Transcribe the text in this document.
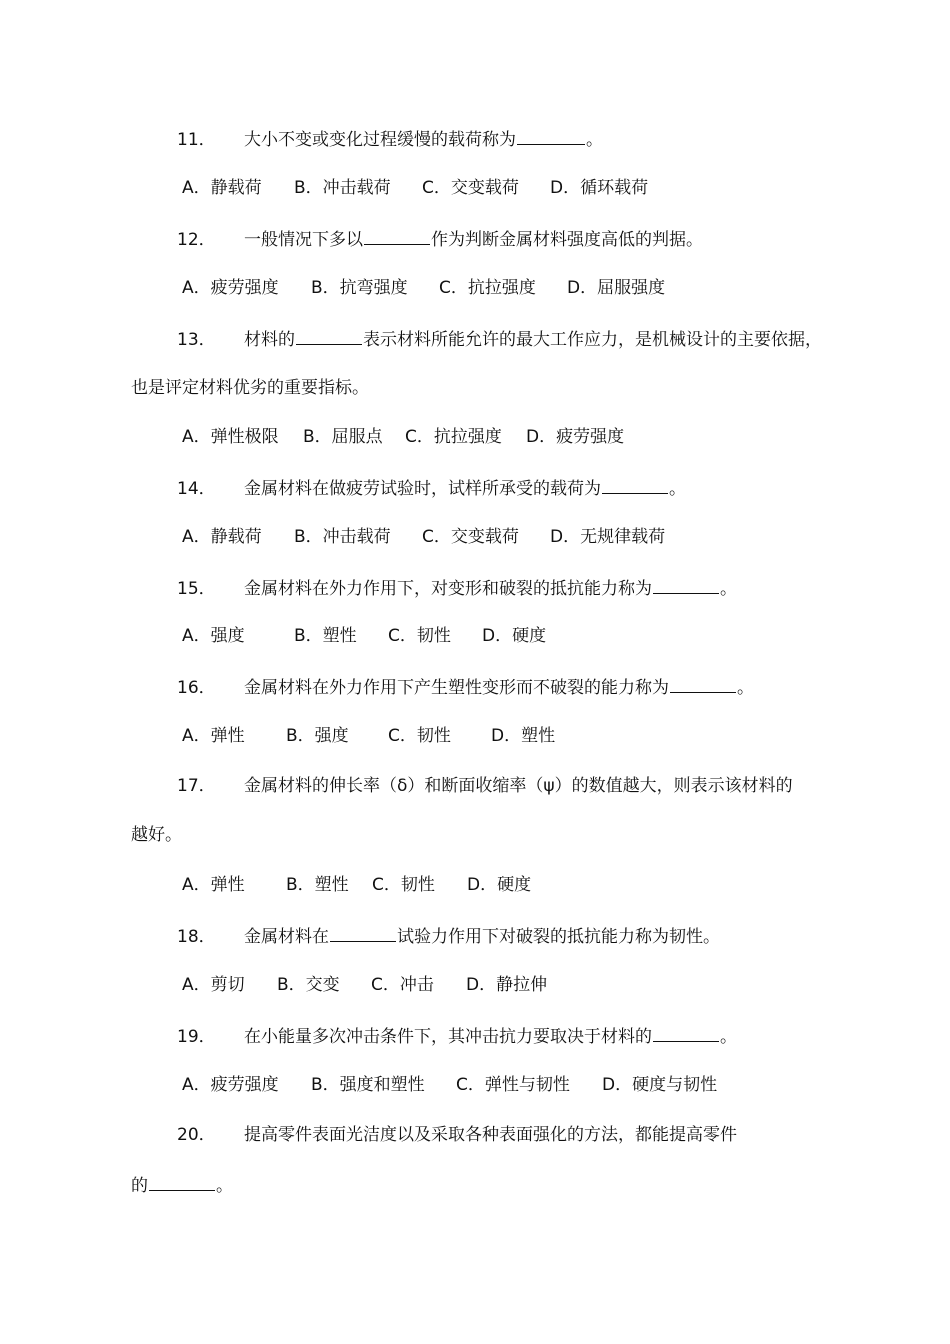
11． 大小不变或变化过程缓慢的载荷称为	。
A．静载荷 B．冲击载荷 C．交变载荷 D．循环载荷
12． 一般情况下多以	作为判断金属材料强度高低的判据。
A．疲劳强度 B．抗弯强度 C．抗拉强度 D．屈服强度
13． 材料的	表示材料所能允许的最大工作应力，是机械设计的主要依据，
也是评定材料优劣的重要指标。
A．弹性极限 B．屈服点 C．抗拉强度 D．疲劳强度
14． 金属材料在做疲劳试验时，试样所承受的载荷为	。
A．静载荷 B．冲击载荷 C．交变载荷 D．无规律载荷
15． 金属材料在外力作用下，对变形和破裂的抵抗能力称为	。
A．强度	B．塑性 C．韧性 D．硬度
16． 金属材料在外力作用下产生塑性变形而不破裂的能力称为	。
A．弹性 B．强度 C．韧性 D．塑性
17． 金属材料的伸长率（δ）和断面收缩率（ψ）的数值越大，则表示该材料的
越好。
A．弹性 B．塑性 C．韧性 D．硬度
18． 金属材料在	试验力作用下对破裂的抵抗能力称为韧性。
A．剪切 B．交变 C．冲击 D．静拉伸
19． 在小能量多次冲击条件下，其冲击抗力要取决于材料的	。
A．疲劳强度 B．强度和塑性 C．弹性与韧性 D．硬度与韧性
20． 提高零件表面光洁度以及采取各种表面强化的方法，都能提高零件
的	。
